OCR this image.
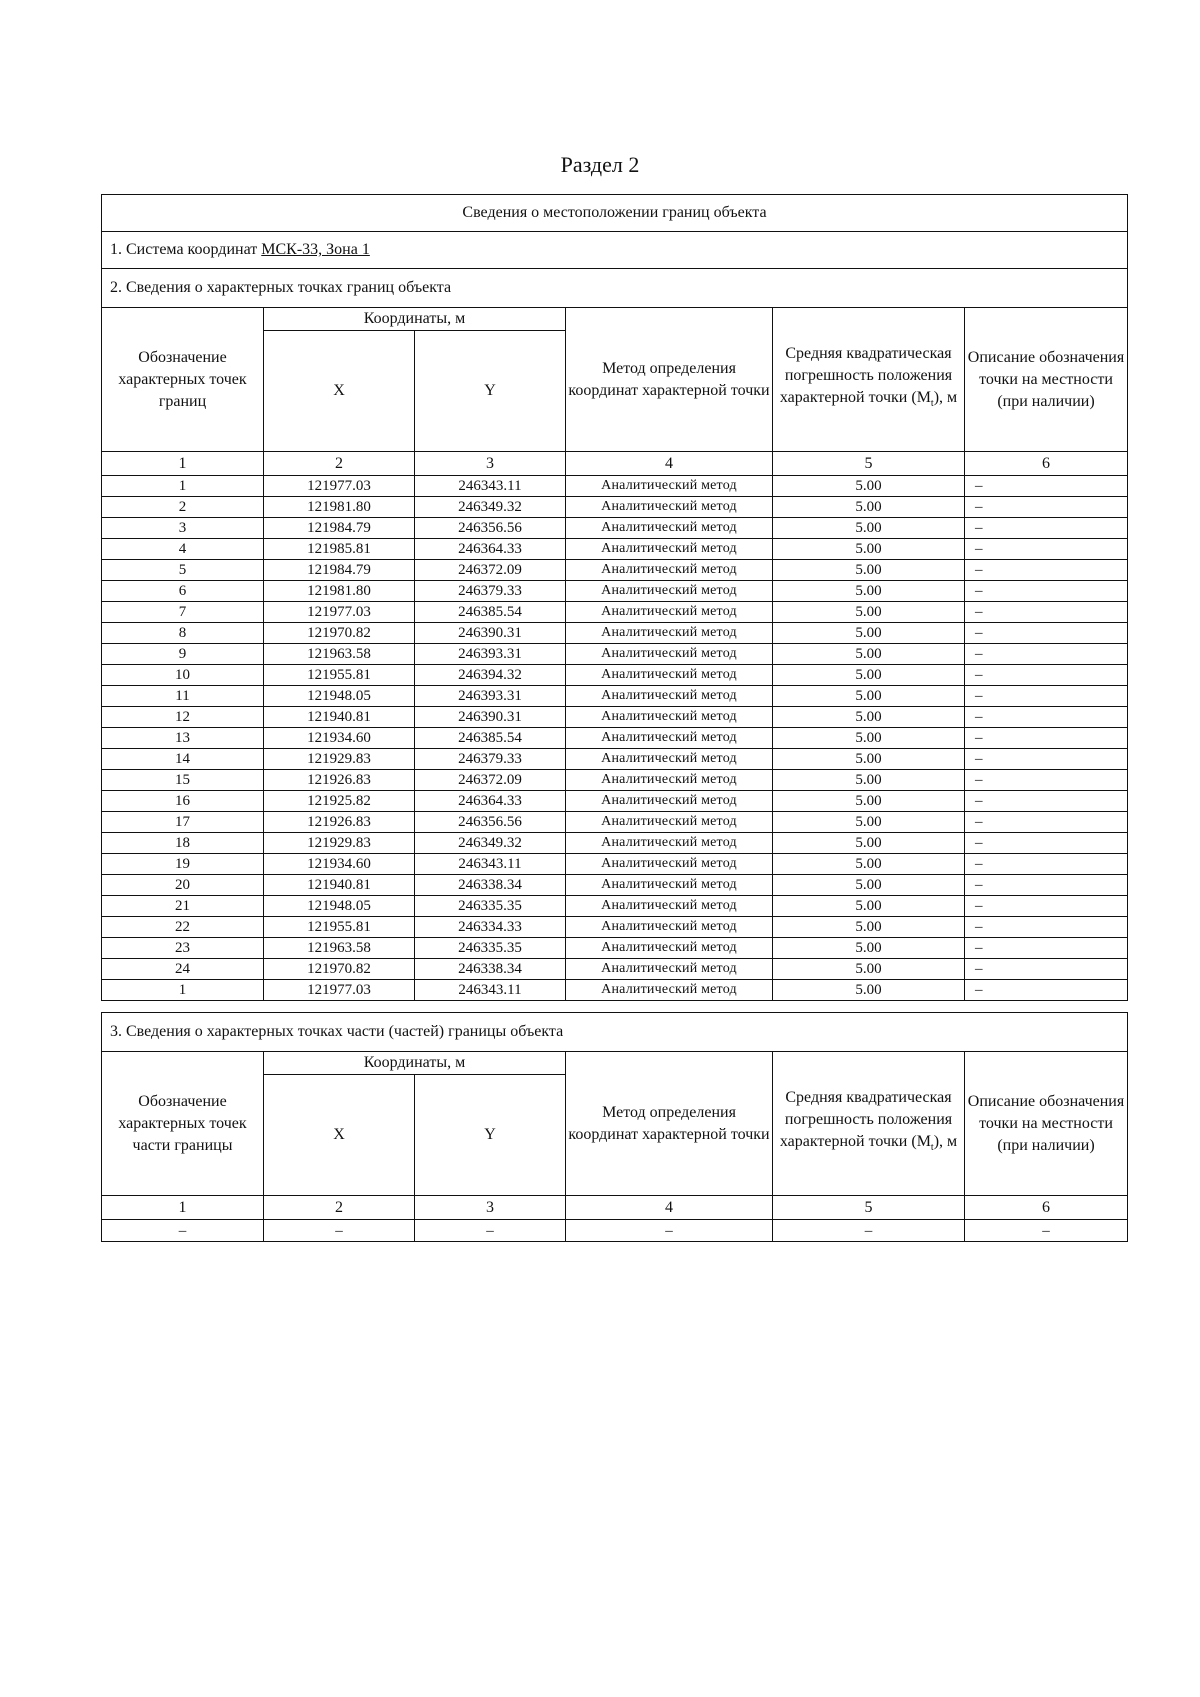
Раздел 2
Сведения о местоположении границ объекта					
1. Система координат МСК-33, Зона 1					
2. Сведения о характерных точках границ объекта					
Обозначение характерных точек границ	Координаты, м		Метод определения координат характерной точки	Средняя квадратическая погрешность положения характерной точки $(M_t)$, м	Описание обозначения точки на местности (при наличии)
	X	Y			
1	2	3	4	5	6
1	121977.03	246343.11	Аналитический метод	5.00	–
2	121981.80	246349.32	Аналитический метод	5.00	–
3	121984.79	246356.56	Аналитический метод	5.00	–
4	121985.81	246364.33	Аналитический метод	5.00	–
5	121984.79	246372.09	Аналитический метод	5.00	–
6	121981.80	246379.33	Аналитический метод	5.00	–
7	121977.03	246385.54	Аналитический метод	5.00	–
8	121970.82	246390.31	Аналитический метод	5.00	–
9	121963.58	246393.31	Аналитический метод	5.00	–
10	121955.81	246394.32	Аналитический метод	5.00	–
11	121948.05	246393.31	Аналитический метод	5.00	–
12	121940.81	246390.31	Аналитический метод	5.00	–
13	121934.60	246385.54	Аналитический метод	5.00	–
14	121929.83	246379.33	Аналитический метод	5.00	–
15	121926.83	246372.09	Аналитический метод	5.00	–
16	121925.82	246364.33	Аналитический метод	5.00	–
17	121926.83	246356.56	Аналитический метод	5.00	–
18	121929.83	246349.32	Аналитический метод	5.00	–
19	121934.60	246343.11	Аналитический метод	5.00	–
20	121940.81	246338.34	Аналитический метод	5.00	–
21	121948.05	246335.35	Аналитический метод	5.00	–
22	121955.81	246334.33	Аналитический метод	5.00	–
23	121963.58	246335.35	Аналитический метод	5.00	–
24	121970.82	246338.34	Аналитический метод	5.00	–
1	121977.03	246343.11	Аналитический метод	5.00	–
3. Сведения о характерных точках части (частей) границы объекта					
Обозначение характерных точек части границы	Координаты, м		Метод определения координат характерной точки	Средняя квадратическая погрешность положения характерной точки $(M_t)$, м	Описание обозначения точки на местности (при наличии)
	X	Y			
1	2	3	4	5	6
–	–	–	–	–	–
